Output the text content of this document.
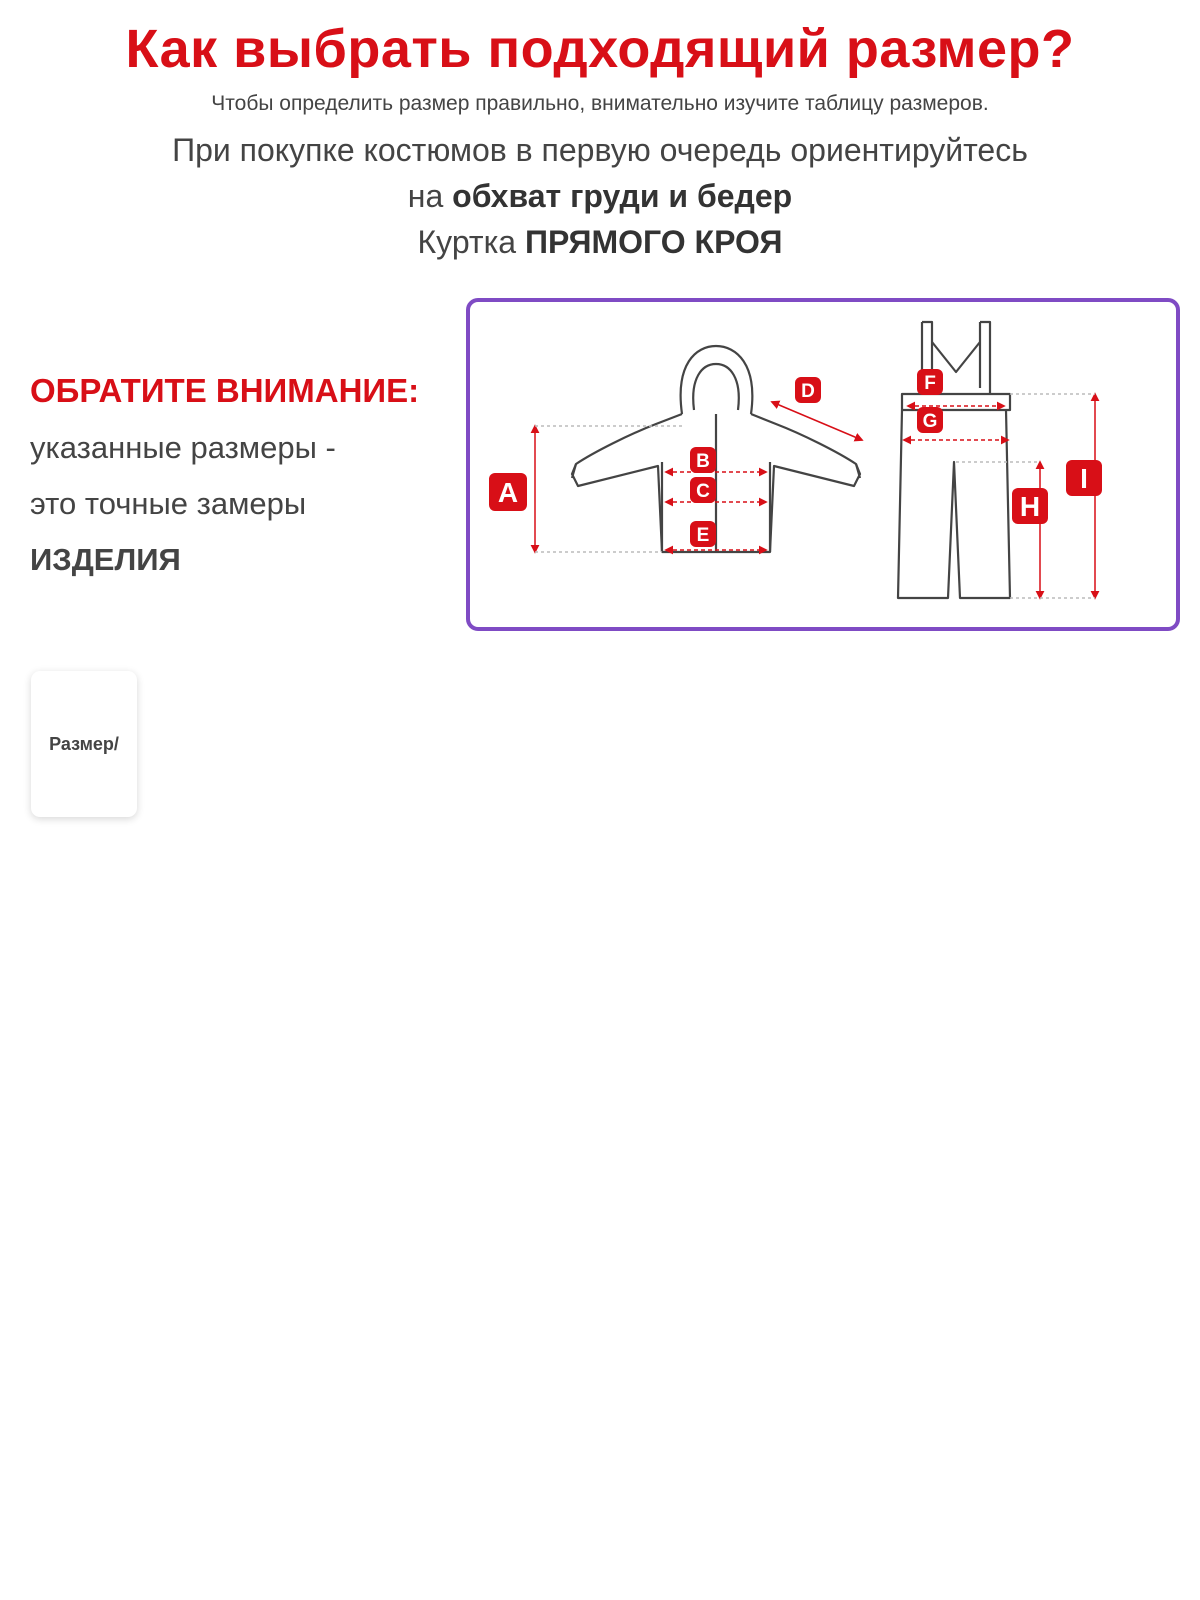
Как выбрать подходящий размер?
Чтобы определить размер правильно, внимательно изучите таблицу размеров.
При покупке костюмов в первую очередь ориентируйтесь
на обхват груди и бедер
Куртка ПРЯМОГО КРОЯ
ОБРАТИТЕ ВНИМАНИЕ:
указанные размеры -
это точные замеры
ИЗДЕЛИЯ
A
B
C
D
E
F
G
H
I
Размер/
